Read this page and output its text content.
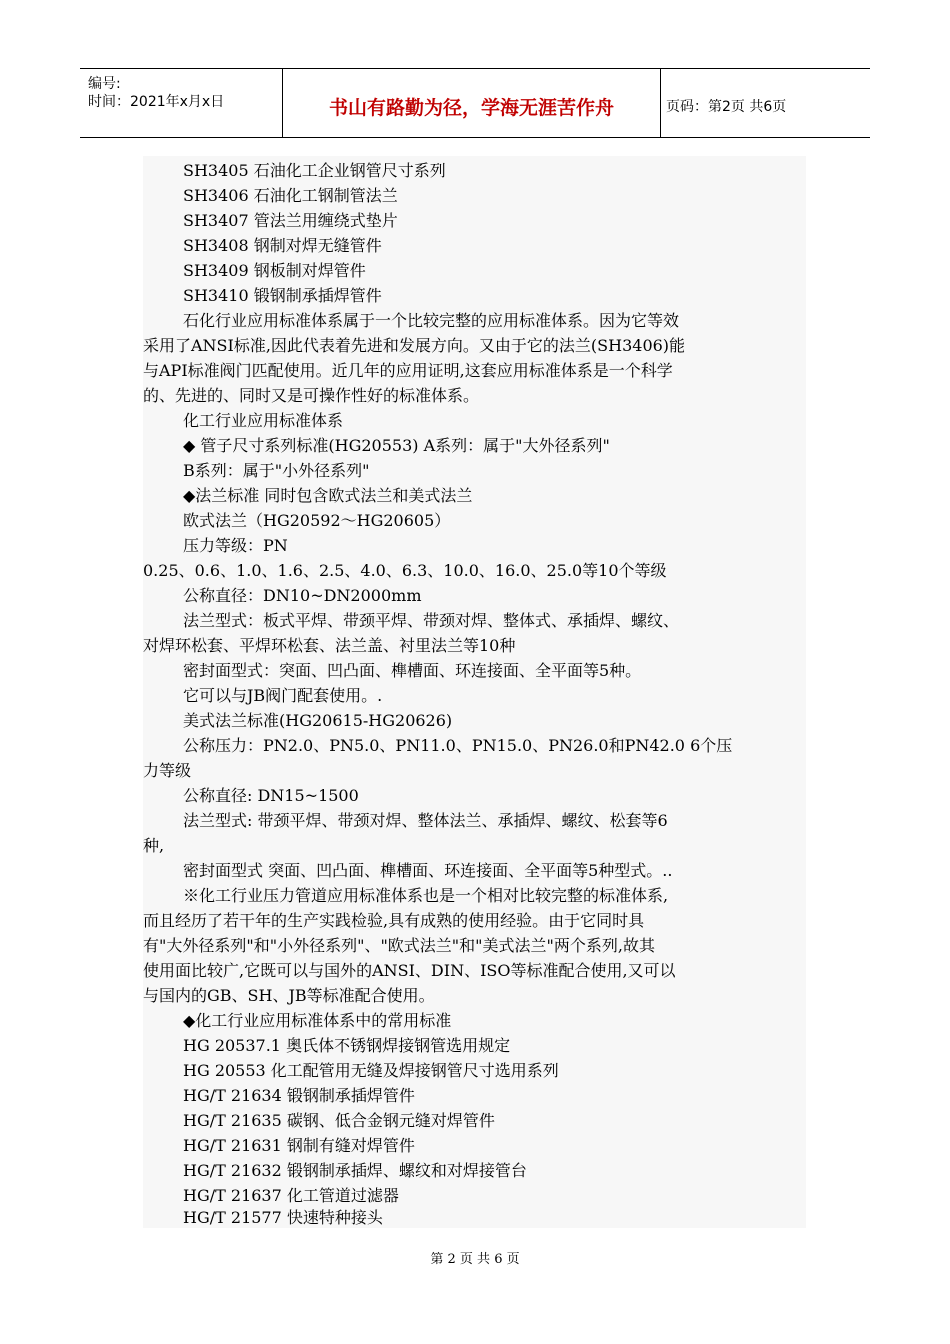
编号:
时间：2021年x月x日	书山有路勤为径，学海无涯苦作舟	页码：第2页 共6页
SH3405 石油化工企业钢管尺寸系列
SH3406 石油化工钢制管法兰
SH3407 管法兰用缠绕式垫片
SH3408 钢制对焊无缝管件
SH3409 钢板制对焊管件
SH3410 锻钢制承插焊管件
石化行业应用标准体系属于一个比较完整的应用标准体系。因为它等效
采用了ANSI标准,因此代表着先进和发展方向。又由于它的法兰(SH3406)能
与API标准阀门匹配使用。近几年的应用证明,这套应用标准体系是一个科学
的、先进的、同时又是可操作性好的标准体系。
化工行业应用标准体系
◆ 管子尺寸系列标准(HG20553) A系列：属于"大外径系列"
B系列：属于"小外径系列"
◆法兰标准 同时包含欧式法兰和美式法兰
欧式法兰（HG20592～HG20605）
压力等级：PN
0.25、0.6、1.0、1.6、2.5、4.0、6.3、10.0、16.0、25.0等10个等级
公称直径：DN10~DN2000mm
法兰型式：板式平焊、带颈平焊、带颈对焊、整体式、承插焊、螺纹、
对焊环松套、平焊环松套、法兰盖、衬里法兰等10种
密封面型式：突面、凹凸面、榫槽面、环连接面、全平面等5种。
它可以与JB阀门配套使用。.
美式法兰标准(HG20615-HG20626)
公称压力：PN2.0、PN5.0、PN11.0、PN15.0、PN26.0和PN42.0 6个压
力等级
公称直径: DN15~1500
法兰型式: 带颈平焊、带颈对焊、整体法兰、承插焊、螺纹、松套等6
种,
密封面型式 突面、凹凸面、榫槽面、环连接面、全平面等5种型式。..
※化工行业压力管道应用标准体系也是一个相对比较完整的标准体系,
而且经历了若干年的生产实践检验,具有成熟的使用经验。由于它同时具
有"大外径系列"和"小外径系列"、"欧式法兰"和"美式法兰"两个系列,故其
使用面比较广,它既可以与国外的ANSI、DIN、ISO等标准配合使用,又可以
与国内的GB、SH、JB等标准配合使用。
◆化工行业应用标准体系中的常用标准
HG 20537.1 奥氏体不锈钢焊接钢管选用规定
HG 20553 化工配管用无缝及焊接钢管尺寸选用系列
HG/T 21634 锻钢制承插焊管件
HG/T 21635 碳钢、低合金钢元缝对焊管件
HG/T 21631 钢制有缝对焊管件
HG/T 21632 锻钢制承插焊、螺纹和对焊接管台
HG/T 21637 化工管道过滤器
HG/T 21577 快速特种接头
第 2 页 共 6 页
